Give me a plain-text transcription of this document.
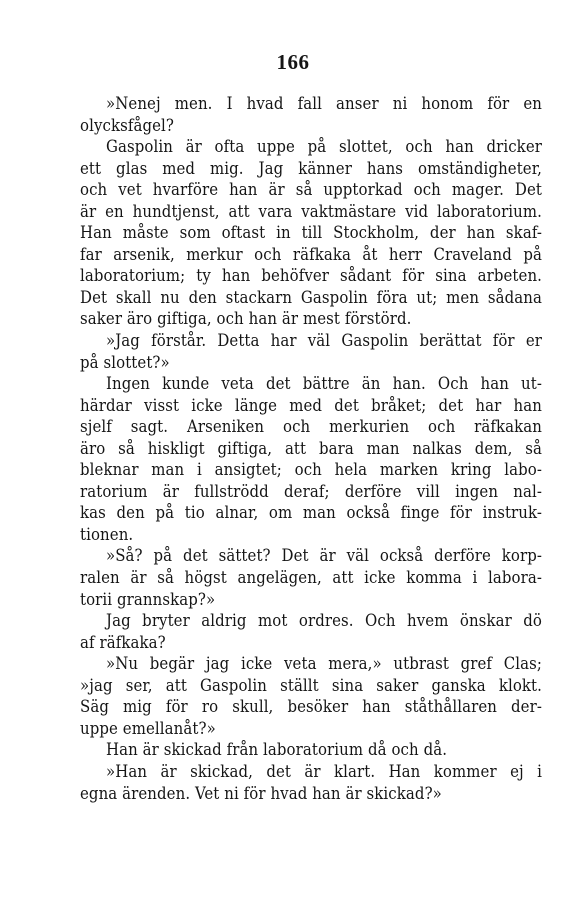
166
»Nenej men. I hvad fall anser ni honom för en
olycksfågel?
Gaspolin är ofta uppe på slottet, och han dricker
ett glas med mig. Jag känner hans omständigheter,
och vet hvarföre han är så upptorkad och mager. Det
är en hundtjenst, att vara vaktmästare vid laboratorium.
Han måste som oftast in till Stockholm, der han skaf-
far arsenik, merkur och räfkaka åt herr Craveland på
laboratorium; ty han behöfver sådant för sina arbeten.
Det skall nu den stackarn Gaspolin föra ut; men sådana
saker äro giftiga, och han är mest förstörd.
»Jag förstår. Detta har väl Gaspolin berättat för er
på slottet?»
Ingen kunde veta det bättre än han. Och han ut-
härdar visst icke länge med det bråket; det har han
sjelf sagt. Arseniken och merkurien och räfkakan
äro så hiskligt giftiga, att bara man nalkas dem, så
bleknar man i ansigtet; och hela marken kring labo-
ratorium är fullströdd deraf; derföre vill ingen nal-
kas den på tio alnar, om man också finge för instruk-
tionen.
»Så? på det sättet? Det är väl också derföre korp-
ralen är så högst angelägen, att icke komma i labora-
torii grannskap?»
Jag bryter aldrig mot ordres. Och hvem önskar dö
af räfkaka?
»Nu begär jag icke veta mera,» utbrast gref Clas;
»jag ser, att Gaspolin ställt sina saker ganska klokt.
Säg mig för ro skull, besöker han ståthållaren der-
uppe emellanåt?»
Han är skickad från laboratorium då och då.
»Han är skickad, det är klart. Han kommer ej i
egna ärenden. Vet ni för hvad han är skickad?»
